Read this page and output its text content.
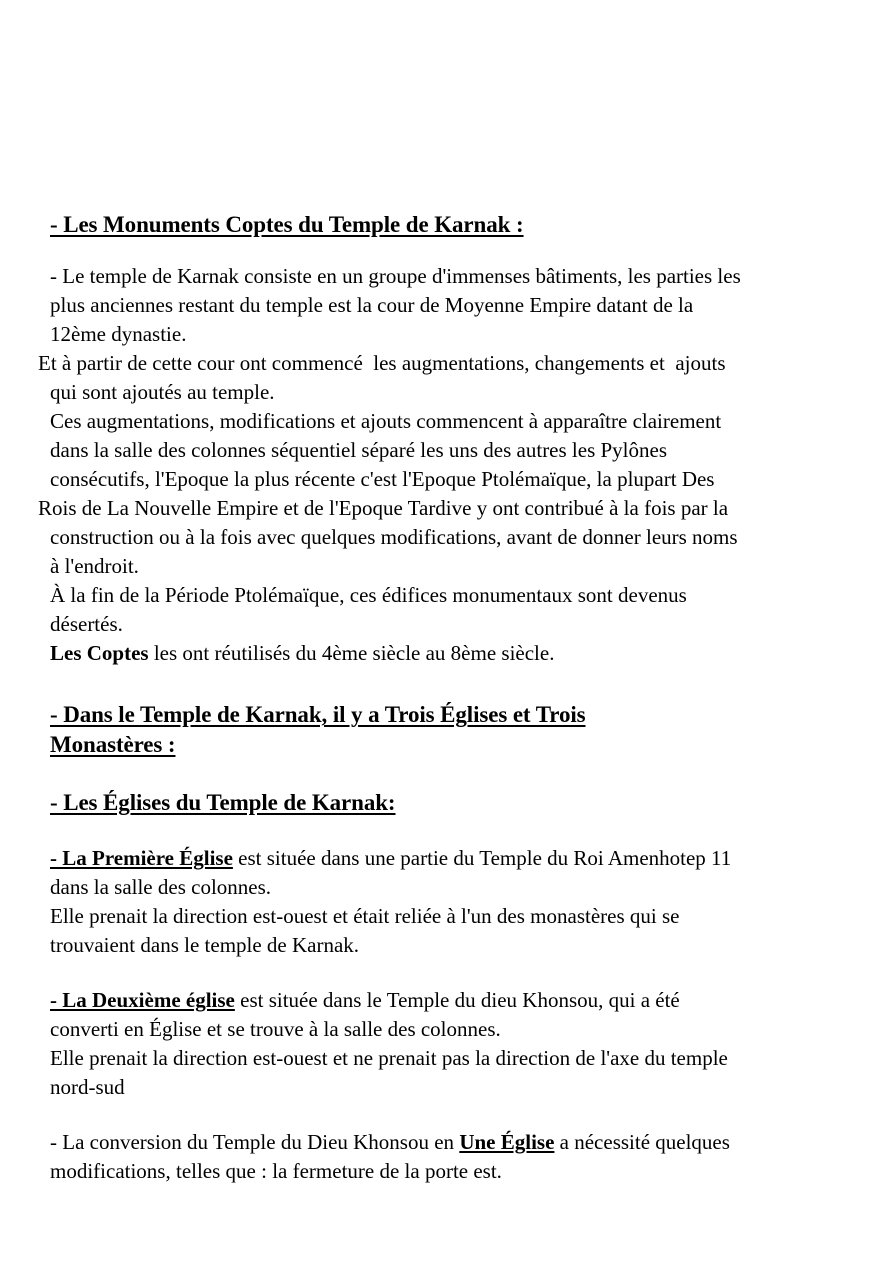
- Les Monuments Coptes du Temple de Karnak :
- Le temple de Karnak consiste en un groupe d'immenses bâtiments, les parties les
plus anciennes restant du temple est la cour de Moyenne Empire datant de la
12ème dynastie.
Et à partir de cette cour ont commencé  les augmentations, changements et  ajouts
qui sont ajoutés au temple.
Ces augmentations, modifications et ajouts commencent à apparaître clairement
dans la salle des colonnes séquentiel séparé les uns des autres les Pylônes
consécutifs, l'Epoque la plus récente c'est l'Epoque Ptolémaïque, la plupart Des
Rois de La Nouvelle Empire et de l'Epoque Tardive y ont contribué à la fois par la
construction ou à la fois avec quelques modifications, avant de donner leurs noms
à l'endroit.
À la fin de la Période Ptolémaïque, ces édifices monumentaux sont devenus
désertés.
Les Coptes les ont réutilisés du 4ème siècle au 8ème siècle.
- Dans le Temple de Karnak, il y a Trois Églises et Trois Monastères :
- Les Églises du Temple de Karnak:
- La Première Église est située dans une partie du Temple du Roi Amenhotep 11
dans la salle des colonnes.
Elle prenait la direction est-ouest et était reliée à l'un des monastères qui se
trouvaient dans le temple de Karnak.
- La Deuxième église est située dans le Temple du dieu Khonsou, qui a été
converti en Église et se trouve à la salle des colonnes.
Elle prenait la direction est-ouest et ne prenait pas la direction de l'axe du temple
nord-sud
- La conversion du Temple du Dieu Khonsou en Une Église a nécessité quelques
modifications, telles que : la fermeture de la porte est.
